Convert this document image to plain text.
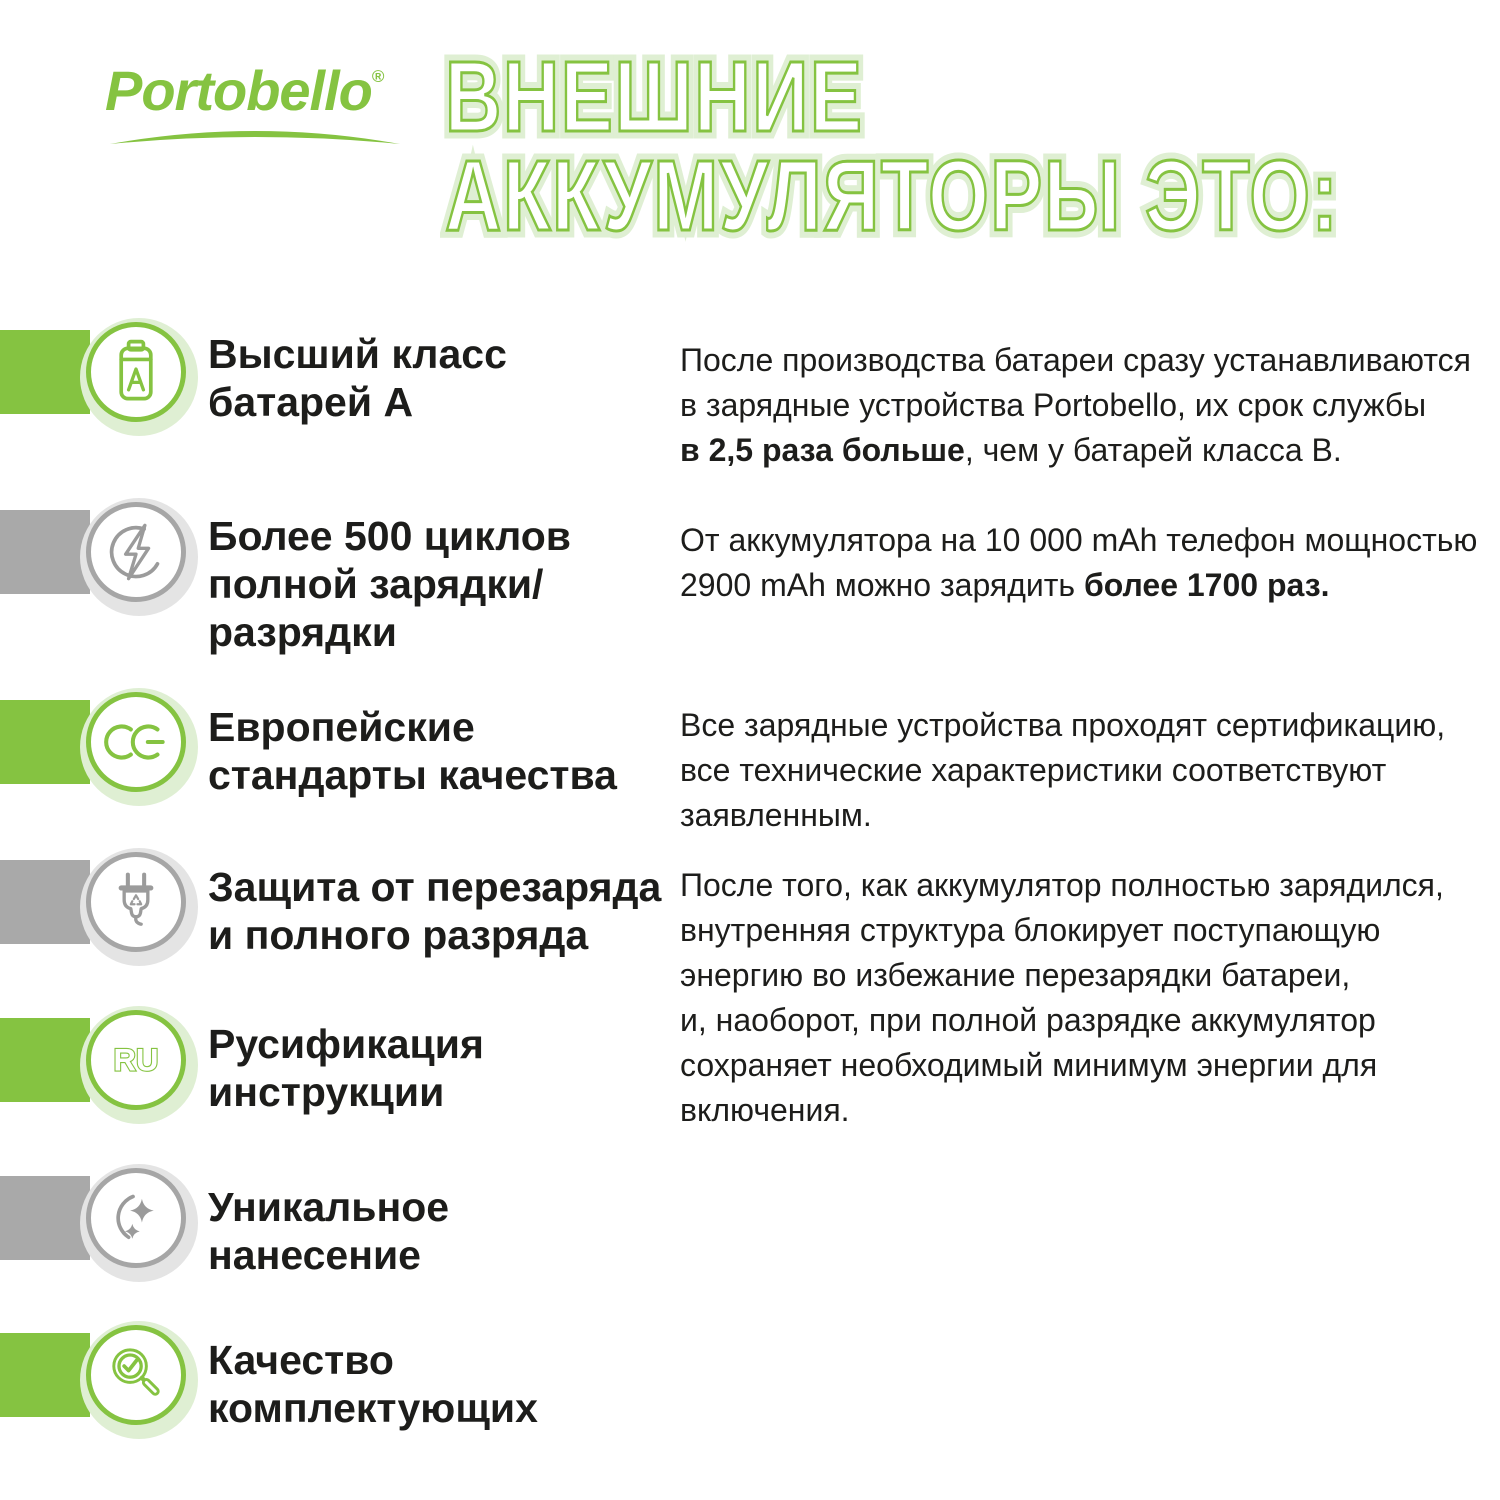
Portobello® ВНЕШНИЕ ВНЕШНИЕ
АККУМУЛЯТОРЫ ЭТО: АККУМУЛЯТОРЫ ЭТО:
RU
Высший класс
батарей A
Более 500 циклов
полной зарядки/
разрядки
Европейские
стандарты качества
Защита от перезаряда
и полного разряда
Русификация
инструкции
Уникальное
нанесение
Качество
комплектующих
После производства батареи сразу устанавливаются
в зарядные устройства Portobello, их срок службы
в 2,5 раза больше, чем у батарей класса B.
От аккумулятора на 10 000 mAh телефон мощностью
2900 mAh можно зарядить более 1700 раз.
Все зарядные устройства проходят сертификацию,
все технические характеристики соответствуют
заявленным.
После того, как аккумулятор полностью зарядился,
внутренняя структура блокирует поступающую
энергию во избежание перезарядки батареи,
и, наоборот, при полной разрядке аккумулятор
сохраняет необходимый минимум энергии для
включения.
